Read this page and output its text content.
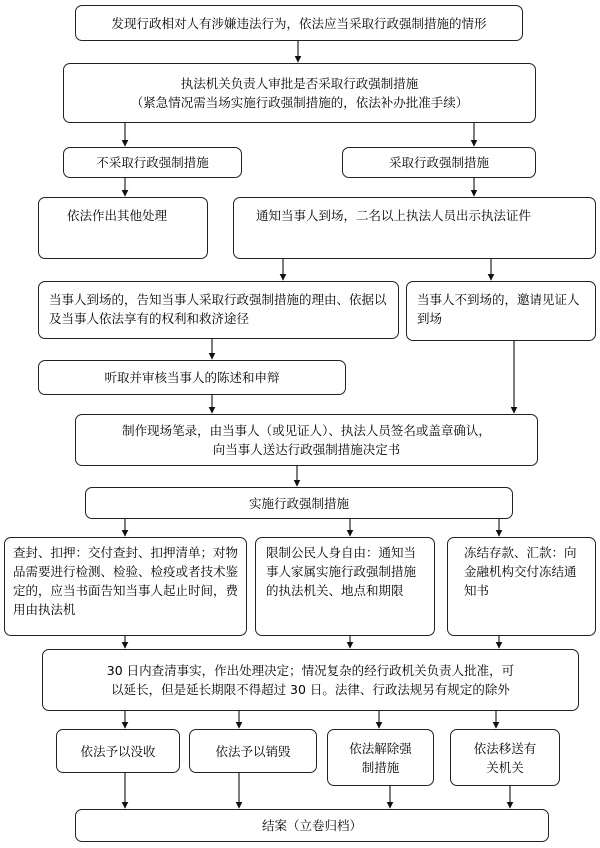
发现行政相对人有涉嫌违法行为，依法应当采取行政强制措施的情形
执法机关负责人审批是否采取行政强制措施
（紧急情况需当场实施行政强制措施的，依法补办批准手续）
不采取行政强制措施	采取行政强制措施
依法作出其他处理	通知当事人到场，二名以上执法人员出示执法证件
当事人到场的，告知当事人采取行政强制措施的理由、依据以及当事人依法享有的权利和救济途径
当事人不到场的，邀请见证人到场
听取并审核当事人的陈述和申辩
制作现场笔录，由当事人（或见证人）、执法人员签名或盖章确认，
向当事人送达行政强制措施决定书
实施行政强制措施
查封、扣押：交付查封、扣押清单；对物品需要进行检测、检验、检疫或者技术鉴定的，应当书面告知当事人起止时间，费用由执法机
限制公民人身自由：通知当事人家属实施行政强制措施的执法机关、地点和期限
冻结存款、汇款：向金融机构交付冻结通知书
30 日内查清事实，作出处理决定；情况复杂的经行政机关负责人批准，可
以延长，但是延长期限不得超过 30 日。法律、行政法规另有规定的除外
依法予以没收	依法予以销毁	依法解除强制措施
依法移送有关机关
结案（立卷归档）
